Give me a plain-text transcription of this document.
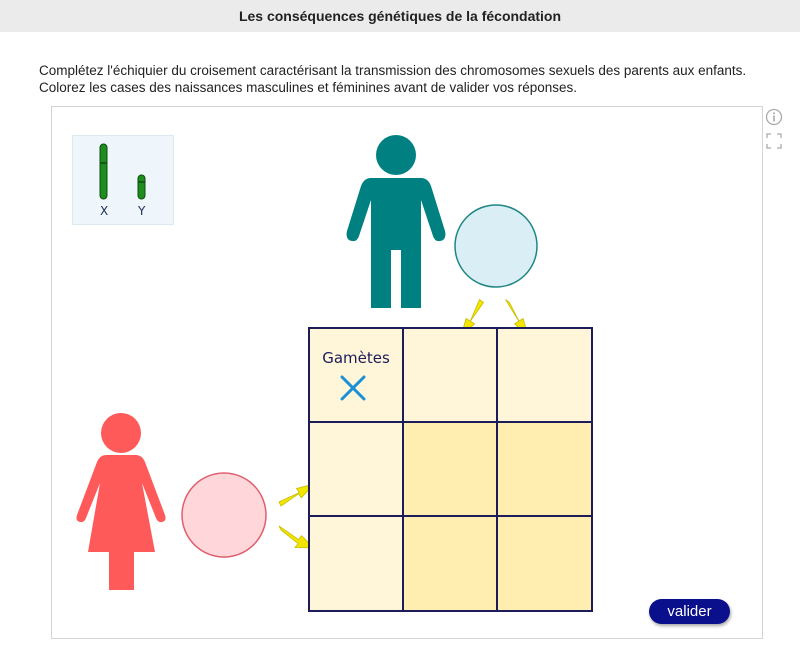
Les conséquences génétiques de la fécondation
Complétez l'échiquier du croisement caractérisant la transmission des chromosomes sexuels des parents aux enfants. Colorez les cases des naissances masculines et féminines avant de valider vos réponses.
X Y
Gamètes
valider
